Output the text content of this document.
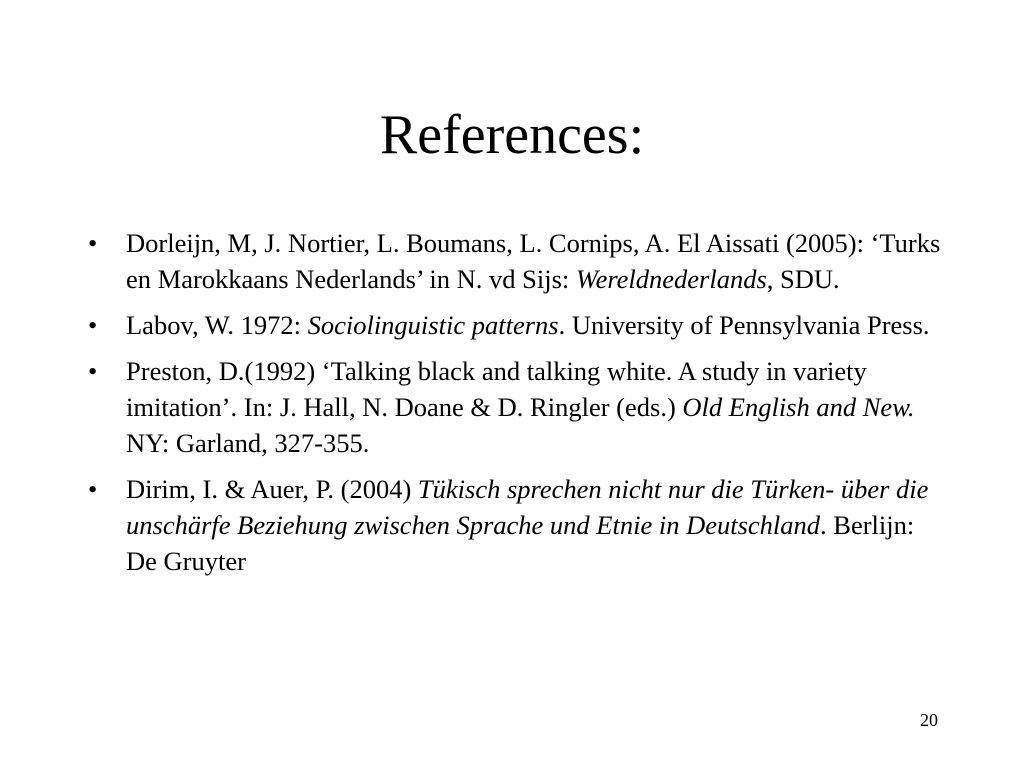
References:
• Dorleijn, M, J. Nortier, L. Boumans, L. Cornips, A. El Aissati (2005): ‘Turks en Marokkaans Nederlands’ in N. vd Sijs: Wereldnederlands, SDU.
• Labov, W. 1972: Sociolinguistic patterns. University of Pennsylvania Press.
• Preston, D.(1992) ‘Talking black and talking white. A study in variety imitation’. In: J. Hall, N. Doane & D. Ringler (eds.) Old English and New. NY: Garland, 327-355.
• Dirim, I. & Auer, P. (2004) Tükisch sprechen nicht nur die Türken- über die unschärfe Beziehung zwischen Sprache und Etnie in Deutschland. Berlijn: De Gruyter
20
